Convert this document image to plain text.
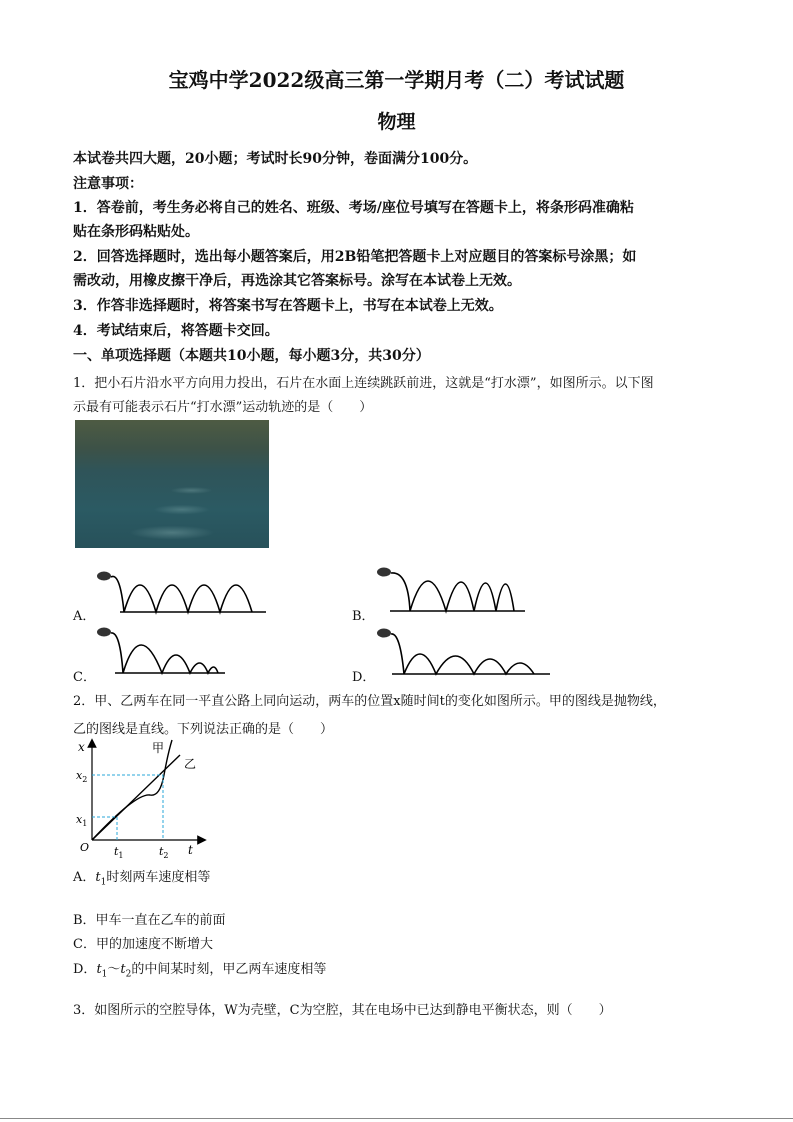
宝鸡中学2022级高三第一学期月考（二）考试试题
物理
本试卷共四大题，20小题；考试时长90分钟，卷面满分100分。
注意事项：
1．答卷前，考生务必将自己的姓名、班级、考场/座位号填写在答题卡上，将条形码准确粘
贴在条形码粘贴处。
2．回答选择题时，选出每小题答案后，用2B铅笔把答题卡上对应题目的答案标号涂黑；如
需改动，用橡皮擦干净后，再选涂其它答案标号。涂写在本试卷上无效。
3．作答非选择题时，将答案书写在答题卡上，书写在本试卷上无效。
4．考试结束后，将答题卡交回。
一、单项选择题（本题共10小题，每小题3分，共30分）
1．把小石片沿水平方向用力投出，石片在水面上连续跳跃前进，这就是“打水漂”，如图所示。以下图
示最有可能表示石片“打水漂”运动轨迹的是（　　）
A．	B．
C．	D．
2．甲、乙两车在同一平直公路上同向运动，两车的位置x随时间t的变化如图所示。甲的图线是抛物线，
乙的图线是直线。下列说法正确的是（　　）
x
t
O
$x_1$
$x_2$
$t_1$	$t_2$
甲
乙
A．$t_1$时刻两车速度相等
B．甲车一直在乙车的前面
C．甲的加速度不断增大
D．$t_1\sim t_2$的中间某时刻，甲乙两车速度相等
3．如图所示的空腔导体，W为壳壁，C为空腔，其在电场中已达到静电平衡状态，则（　　）
